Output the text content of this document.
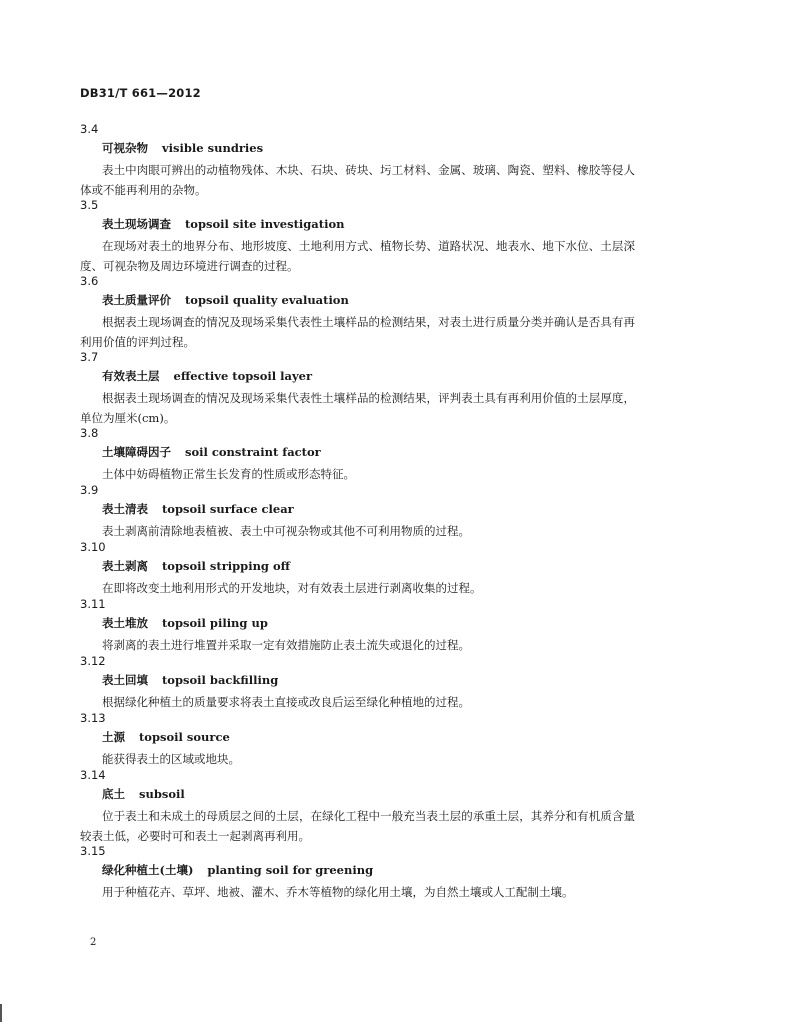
DB31/T 661—2012
3.4
可视杂物 visible sundries
表土中肉眼可辨出的动植物残体、木块、石块、砖块、圬工材料、金属、玻璃、陶瓷、塑料、橡胶等侵人体或不能再利用的杂物。
3.5
表土现场调查 topsoil site investigation
在现场对表土的地界分布、地形坡度、土地利用方式、植物长势、道路状况、地表水、地下水位、土层深度、可视杂物及周边环境进行调查的过程。
3.6
表土质量评价 topsoil quality evaluation
根据表土现场调查的情况及现场采集代表性土壤样品的检测结果，对表土进行质量分类并确认是否具有再利用价值的评判过程。
3.7
有效表土层 effective topsoil layer
根据表土现场调查的情况及现场采集代表性土壤样品的检测结果，评判表土具有再利用价值的土层厚度，单位为厘米(cm)。
3.8
土壤障碍因子 soil constraint factor
土体中妨碍植物正常生长发育的性质或形态特征。
3.9
表土清表 topsoil surface clear
表土剥离前清除地表植被、表土中可视杂物或其他不可利用物质的过程。
3.10
表土剥离 topsoil stripping off
在即将改变土地利用形式的开发地块，对有效表土层进行剥离收集的过程。
3.11
表土堆放 topsoil piling up
将剥离的表土进行堆置并采取一定有效措施防止表土流失或退化的过程。
3.12
表土回填 topsoil backfilling
根据绿化种植土的质量要求将表土直接或改良后运至绿化种植地的过程。
3.13
土源 topsoil source
能获得表土的区域或地块。
3.14
底土 subsoil
位于表土和未成土的母质层之间的土层，在绿化工程中一般充当表土层的承重土层，其养分和有机质含量较表土低，必要时可和表土一起剥离再利用。
3.15
绿化种植土(土壤) planting soil for greening
用于种植花卉、草坪、地被、灌木、乔木等植物的绿化用土壤，为自然土壤或人工配制土壤。
2
